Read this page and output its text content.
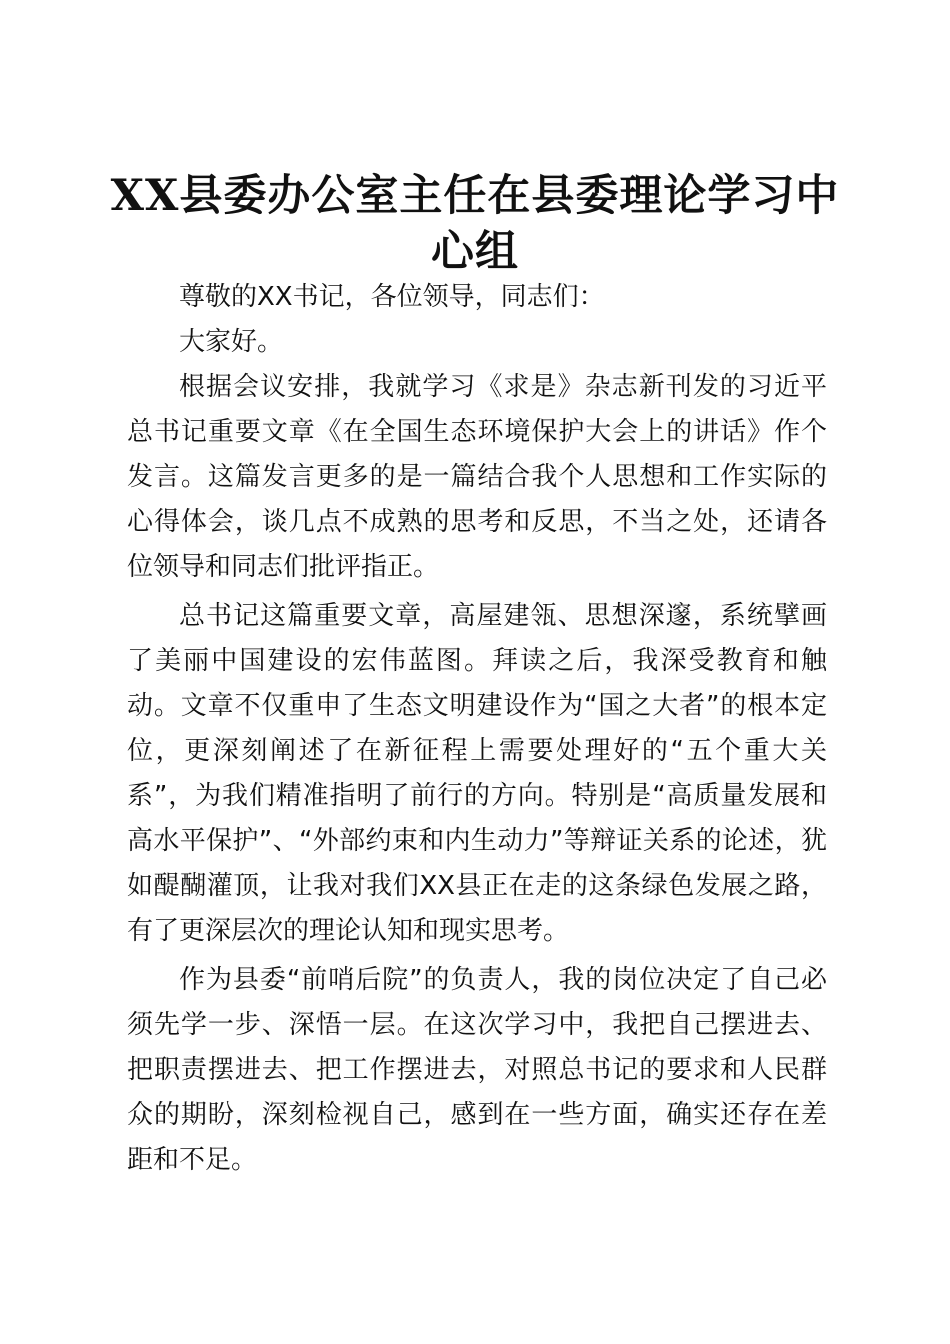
XX县委办公室主任在县委理论学习中心组

尊敬的XX书记，各位领导，同志们：

大家好。

根据会议安排，我就学习《求是》杂志新刊发的习近平总书记重要文章《在全国生态环境保护大会上的讲话》作个发言。这篇发言更多的是一篇结合我个人思想和工作实际的心得体会，谈几点不成熟的思考和反思，不当之处，还请各位领导和同志们批评指正。

总书记这篇重要文章，高屋建瓴、思想深邃，系统擘画了美丽中国建设的宏伟蓝图。拜读之后，我深受教育和触动。文章不仅重申了生态文明建设作为“国之大者”的根本定位，更深刻阐述了在新征程上需要处理好的“五个重大关系”，为我们精准指明了前行的方向。特别是“高质量发展和高水平保护”、“外部约束和内生动力”等辩证关系的论述，犹如醍醐灌顶，让我对我们XX县正在走的这条绿色发展之路，有了更深层次的理论认知和现实思考。

作为县委“前哨后院”的负责人，我的岗位决定了自己必须先学一步、深悟一层。在这次学习中，我把自己摆进去、把职责摆进去、把工作摆进去，对照总书记的要求和人民群众的期盼，深刻检视自己，感到在一些方面，确实还存在差距和不足。
